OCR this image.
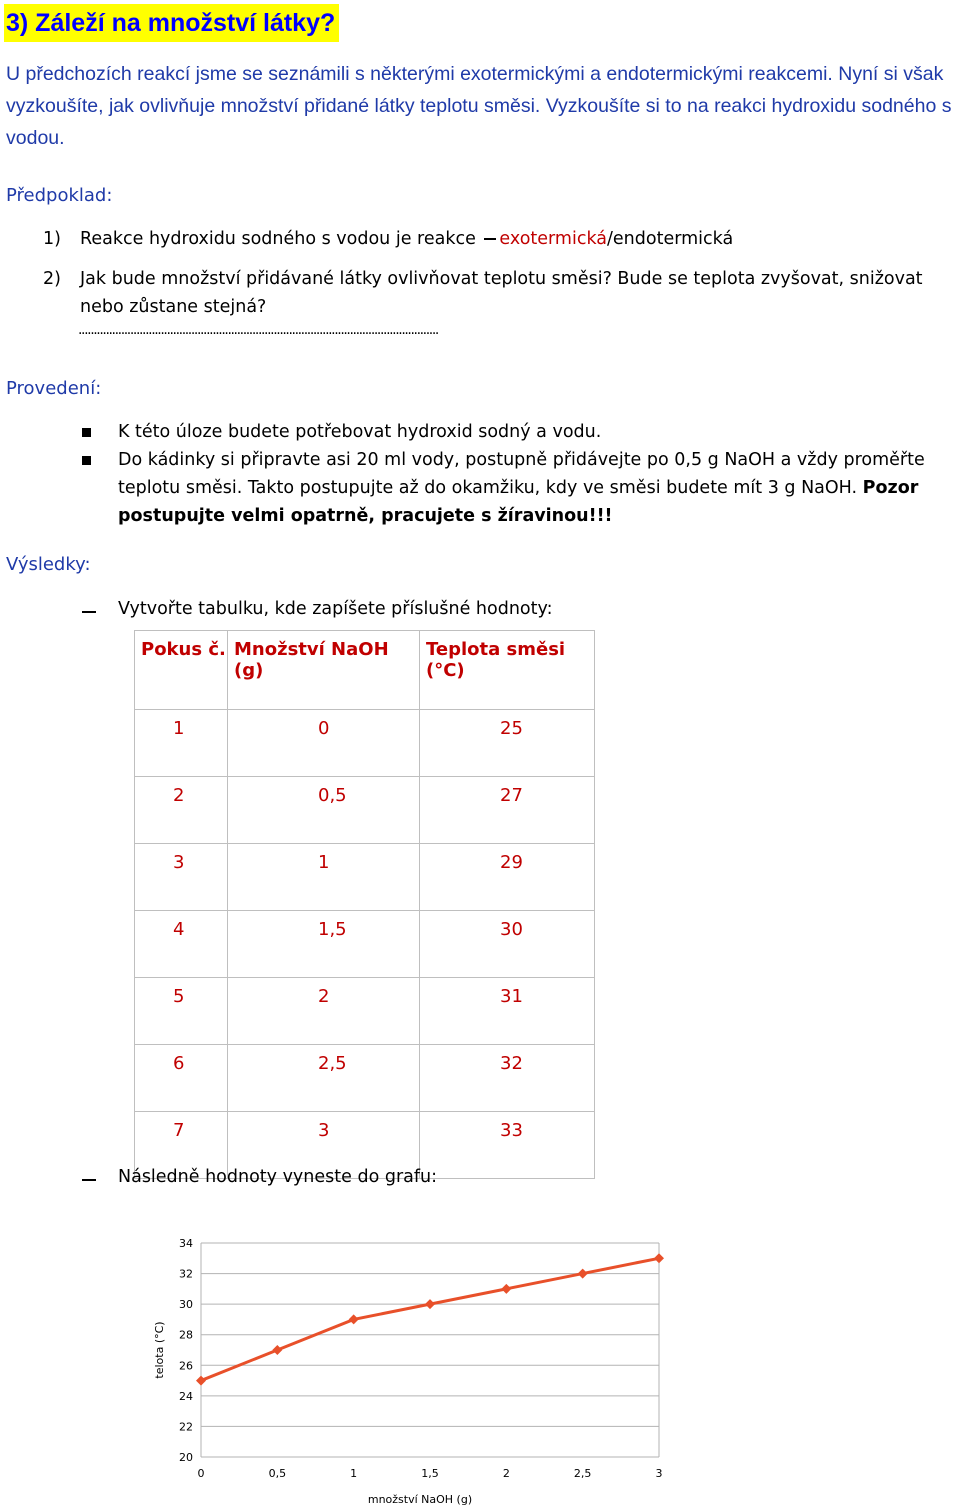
3) Záleží na množství látky?
U předchozích reakcí jsme se seznámili s některými exotermickými a endotermickými reakcemi. Nyní si však vyzkoušíte, jak ovlivňuje množství přidané látky teplotu směsi. Vyzkoušíte si to na reakci hydroxidu sodného s vodou.
Předpoklad:
1) Reakce hydroxidu sodného s vodou je reakce exotermická/endotermická
2) Jak bude množství přidávané látky ovlivňovat teplotu směsi? Bude se teplota zvyšovat, snižovat
nebo zůstane stejná?
......................................................................................................................
Provedení:
K této úloze budete potřebovat hydroxid sodný a vodu.
Do kádinky si připravte asi 20 ml vody, postupně přidávejte po 0,5 g NaOH a vždy proměřte
teplotu směsi. Takto postupujte až do okamžiku, kdy ve směsi budete mít 3 g NaOH. Pozor
postupujte velmi opatrně, pracujete s žíravinou!!!
Výsledky:
Vytvořte tabulku, kde zapíšete příslušné hodnoty:
Pokus č.	Množství NaOH (g)	Teplota směsi (°C)
1	0	25
2	0,5	27
3	1	29
4	1,5	30
5	2	31
6	2,5	32
7	3	33
Následně hodnoty vyneste do grafu:
20
22
24
26
28
30
32
34
0	0,5	1	1,5	2	2,5	3
telota (°C)
množství NaOH (g)
